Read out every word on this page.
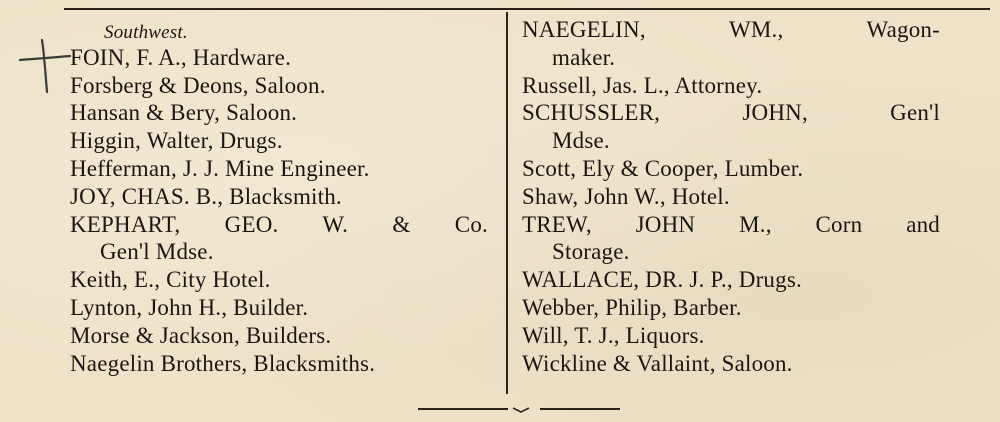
Southwest.
FOIN, F. A., Hardware.
Forsberg & Deons, Saloon.
Hansan & Bery, Saloon.
Higgin, Walter, Drugs.
Hefferman, J. J. Mine Engineer.
JOY, CHAS. B., Blacksmith.
KEPHART, GEO. W. & Co.
Gen'l Mdse.
Keith, E., City Hotel.
Lynton, John H., Builder.
Morse & Jackson, Builders.
Naegelin Brothers, Blacksmiths.
NAEGELIN, WM., Wagon-
maker.
Russell, Jas. L., Attorney.
SCHUSSLER, JOHN, Gen'l
Mdse.
Scott, Ely & Cooper, Lumber.
Shaw, John W., Hotel.
TREW, JOHN M., Corn and
Storage.
WALLACE, DR. J. P., Drugs.
Webber, Philip, Barber.
Will, T. J., Liquors.
Wickline & Vallaint, Saloon.
